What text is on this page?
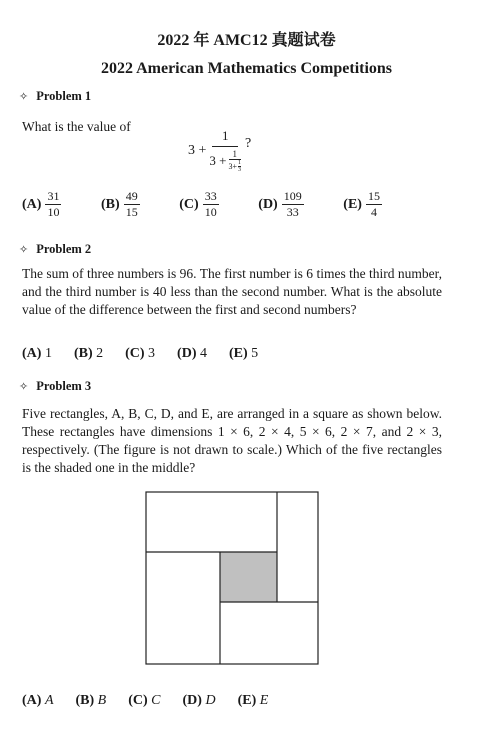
2022 年 AMC12 真题试卷
2022 American Mathematics Competitions
✧ Problem 1
What is the value of
3 +
1
$3 + \frac{1}{3+ \frac{1}{3}}$
?
$(A) \frac{31}{10}$	$(B) \frac{49}{15}$	$(C) \frac{33}{10}$	$(D) \frac{109}{33}$	$(E) \frac{15}{4}$
✧ Problem 2
The sum of three numbers is 96. The first number is 6 times the third number, and the third number is 40 less than the second number. What is the absolute value of the difference between the first and second numbers?
(A) 1 (B) 2 (C) 3 (D) 4 (E) 5
✧ Problem 3
Five rectangles, A, B, C, D, and E, are arranged in a square as shown below. These rectangles have dimensions 1 × 6, 2 × 4, 5 × 6, 2 × 7, and 2 × 3, respectively. (The figure is not drawn to scale.) Which of the five rectangles is the shaded one in the middle?
(A) A (B) B (C) C (D) D (E) E
